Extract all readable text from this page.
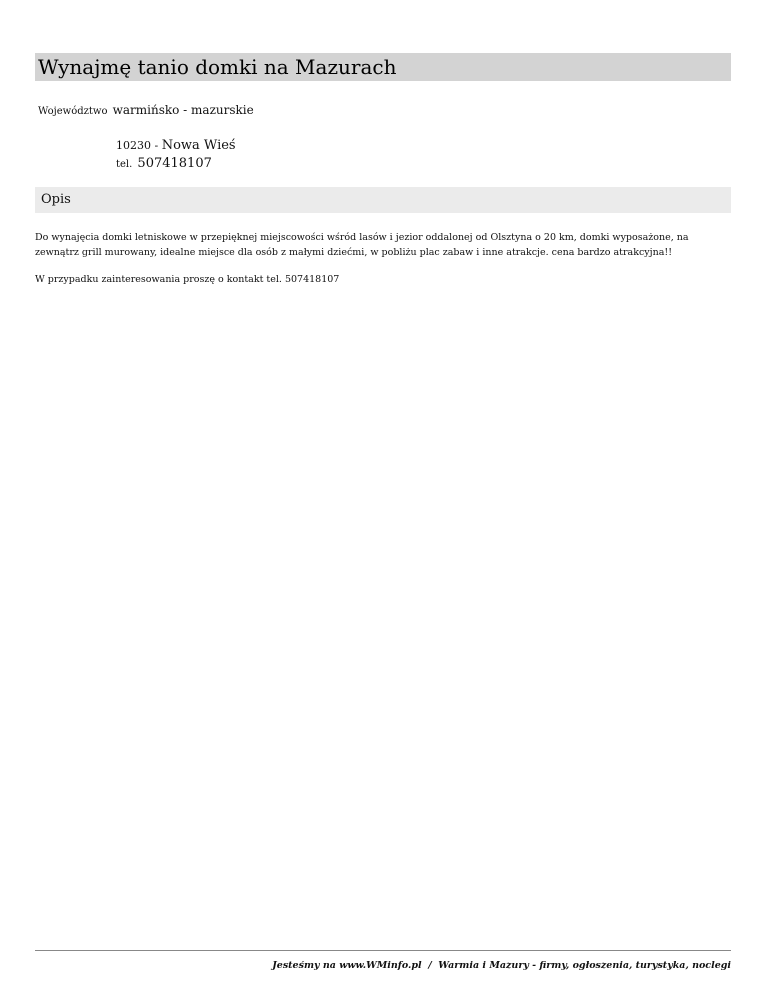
Wynajmę tanio domki na Mazurach
Województwo warmińsko - mazurskie
10230 - Nowa Wieś
tel. 507418107
Opis

Do wynajęcia domki letniskowe w przepięknej miejscowości wśród lasów i jezior oddalonej od Olsztyna o 20 km, domki wyposażone, na zewnątrz grill murowany, idealne miejsce dla osób z małymi dziećmi, w pobliżu plac zabaw i inne atrakcje. cena bardzo atrakcyjna!!

W przypadku zainteresowania proszę o kontakt tel. 507418107

Jesteśmy na www.WMinfo.pl  /  Warmia i Mazury - firmy, ogłoszenia, turystyka, noclegi
